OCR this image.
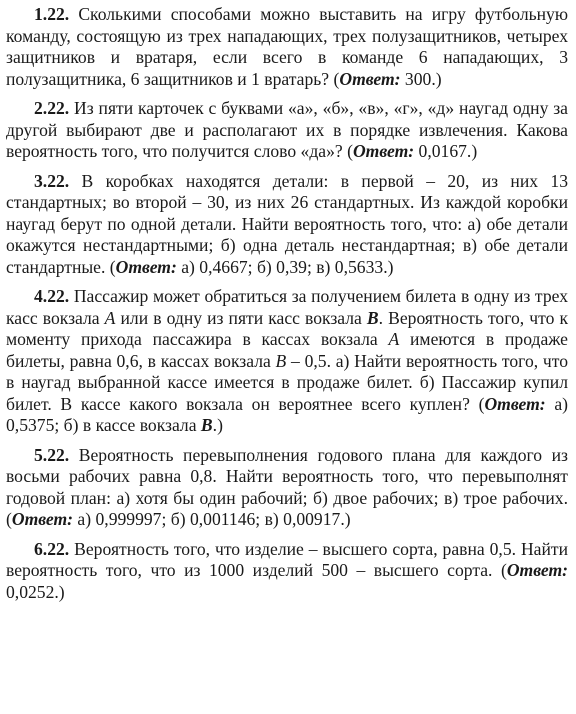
1.22. Сколькими способами можно выставить на игру футбольную команду, состоящую из трех нападающих, трех полузащитников, четырех защитников и вратаря, если всего в команде 6 нападающих, 3 полузащитника, 6 защитников и 1 вратарь? (Ответ: 300.)

2.22. Из пяти карточек с буквами «а», «б», «в», «г», «д» наугад одну за другой выбирают две и располагают их в порядке извлечения. Какова вероятность того, что получится слово «да»? (Ответ: 0,0167.)

3.22. В коробках находятся детали: в первой – 20, из них 13 стандартных; во второй – 30, из них 26 стандартных. Из каждой коробки наугад берут по одной детали. Найти вероятность того, что: а) обе детали окажутся нестандартными; б) одна деталь нестандартная; в) обе детали стандартные. (Ответ: а) 0,4667; б) 0,39; в) 0,5633.)

4.22. Пассажир может обратиться за получением билета в одну из трех касс вокзала А или в одну из пяти касс вокзала В. Вероятность того, что к моменту прихода пассажира в кассах вокзала А имеются в продаже билеты, равна 0,6, в кассах вокзала В – 0,5. а) Найти вероятность того, что в наугад выбранной кассе имеется в продаже билет. б) Пассажир купил билет. В кассе какого вокзала он вероятнее всего куплен? (Ответ: а) 0,5375; б) в кассе вокзала В.)

5.22. Вероятность перевыполнения годового плана для каждого из восьми рабочих равна 0,8. Найти вероятность того, что перевыполнят годовой план: а) хотя бы один рабочий; б) двое рабочих; в) трое рабочих. (Ответ: а) 0,999997; б) 0,001146; в) 0,00917.)

6.22. Вероятность того, что изделие – высшего сорта, равна 0,5. Найти вероятность того, что из 1000 изделий 500 – высшего сорта. (Ответ: 0,0252.)
